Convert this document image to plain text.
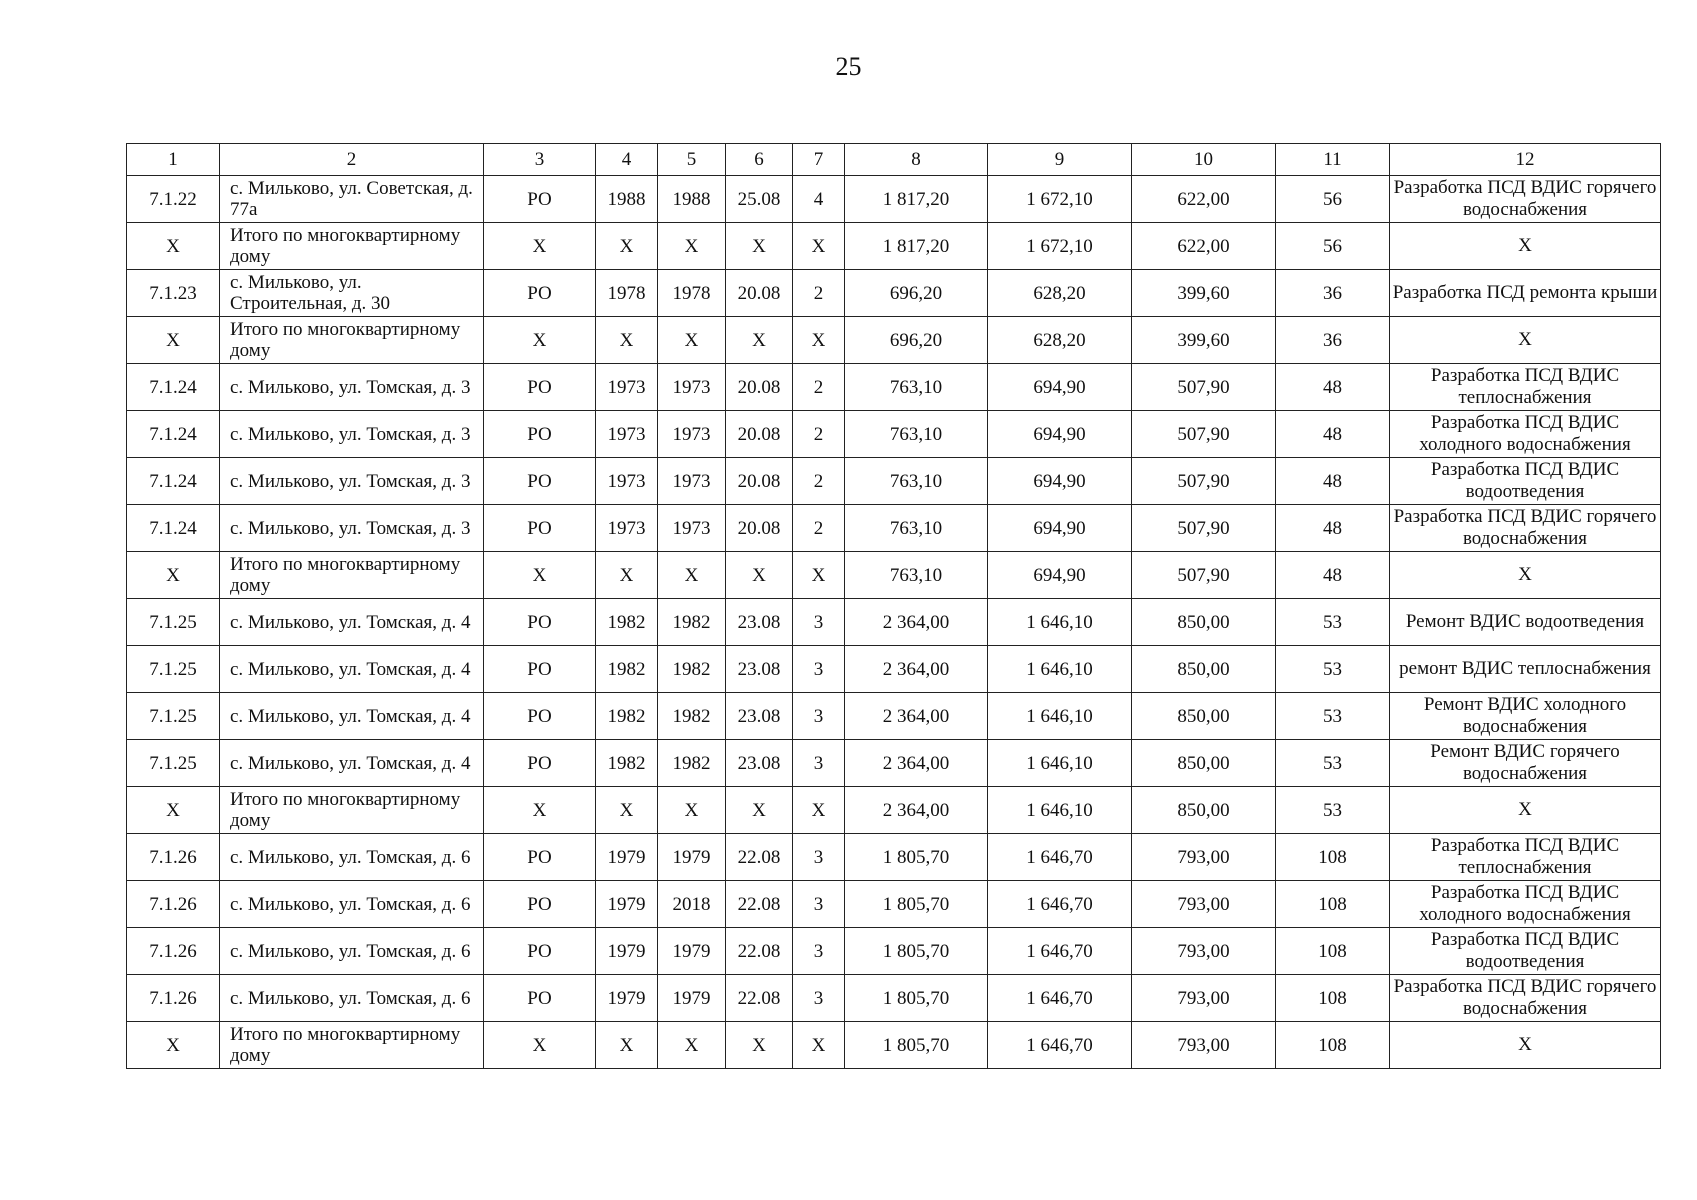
25
1	2	3	4	5	6	7	8	9	10	11	12
7.1.22	с. Мильково, ул. Советская, д. 77а	РО	1988	1988	25.08	4	1 817,20	1 672,10	622,00	56	Разработка ПСД ВДИС горячего водоснабжения
Х	Итого по многоквартирному дому	Х	Х	Х	Х	Х	1 817,20	1 672,10	622,00	56	Х
7.1.23	с. Мильково, ул. Строительная, д. 30	РО	1978	1978	20.08	2	696,20	628,20	399,60	36	Разработка ПСД ремонта крыши
Х	Итого по многоквартирному дому	Х	Х	Х	Х	Х	696,20	628,20	399,60	36	Х
7.1.24	с. Мильково, ул. Томская, д. 3	РО	1973	1973	20.08	2	763,10	694,90	507,90	48	Разработка ПСД ВДИС теплоснабжения
7.1.24	с. Мильково, ул. Томская, д. 3	РО	1973	1973	20.08	2	763,10	694,90	507,90	48	Разработка ПСД ВДИС холодного водоснабжения
7.1.24	с. Мильково, ул. Томская, д. 3	РО	1973	1973	20.08	2	763,10	694,90	507,90	48	Разработка ПСД ВДИС водоотведения
7.1.24	с. Мильково, ул. Томская, д. 3	РО	1973	1973	20.08	2	763,10	694,90	507,90	48	Разработка ПСД ВДИС горячего водоснабжения
Х	Итого по многоквартирному дому	Х	Х	Х	Х	Х	763,10	694,90	507,90	48	Х
7.1.25	с. Мильково, ул. Томская, д. 4	РО	1982	1982	23.08	3	2 364,00	1 646,10	850,00	53	Ремонт ВДИС водоотведения
7.1.25	с. Мильково, ул. Томская, д. 4	РО	1982	1982	23.08	3	2 364,00	1 646,10	850,00	53	ремонт ВДИС теплоснабжения
7.1.25	с. Мильково, ул. Томская, д. 4	РО	1982	1982	23.08	3	2 364,00	1 646,10	850,00	53	Ремонт ВДИС холодного водоснабжения
7.1.25	с. Мильково, ул. Томская, д. 4	РО	1982	1982	23.08	3	2 364,00	1 646,10	850,00	53	Ремонт ВДИС горячего водоснабжения
Х	Итого по многоквартирному дому	Х	Х	Х	Х	Х	2 364,00	1 646,10	850,00	53	Х
7.1.26	с. Мильково, ул. Томская, д. 6	РО	1979	1979	22.08	3	1 805,70	1 646,70	793,00	108	Разработка ПСД ВДИС теплоснабжения
7.1.26	с. Мильково, ул. Томская, д. 6	РО	1979	2018	22.08	3	1 805,70	1 646,70	793,00	108	Разработка ПСД ВДИС холодного водоснабжения
7.1.26	с. Мильково, ул. Томская, д. 6	РО	1979	1979	22.08	3	1 805,70	1 646,70	793,00	108	Разработка ПСД ВДИС водоотведения
7.1.26	с. Мильково, ул. Томская, д. 6	РО	1979	1979	22.08	3	1 805,70	1 646,70	793,00	108	Разработка ПСД ВДИС горячего водоснабжения
Х	Итого по многоквартирному дому	Х	Х	Х	Х	Х	1 805,70	1 646,70	793,00	108	Х
